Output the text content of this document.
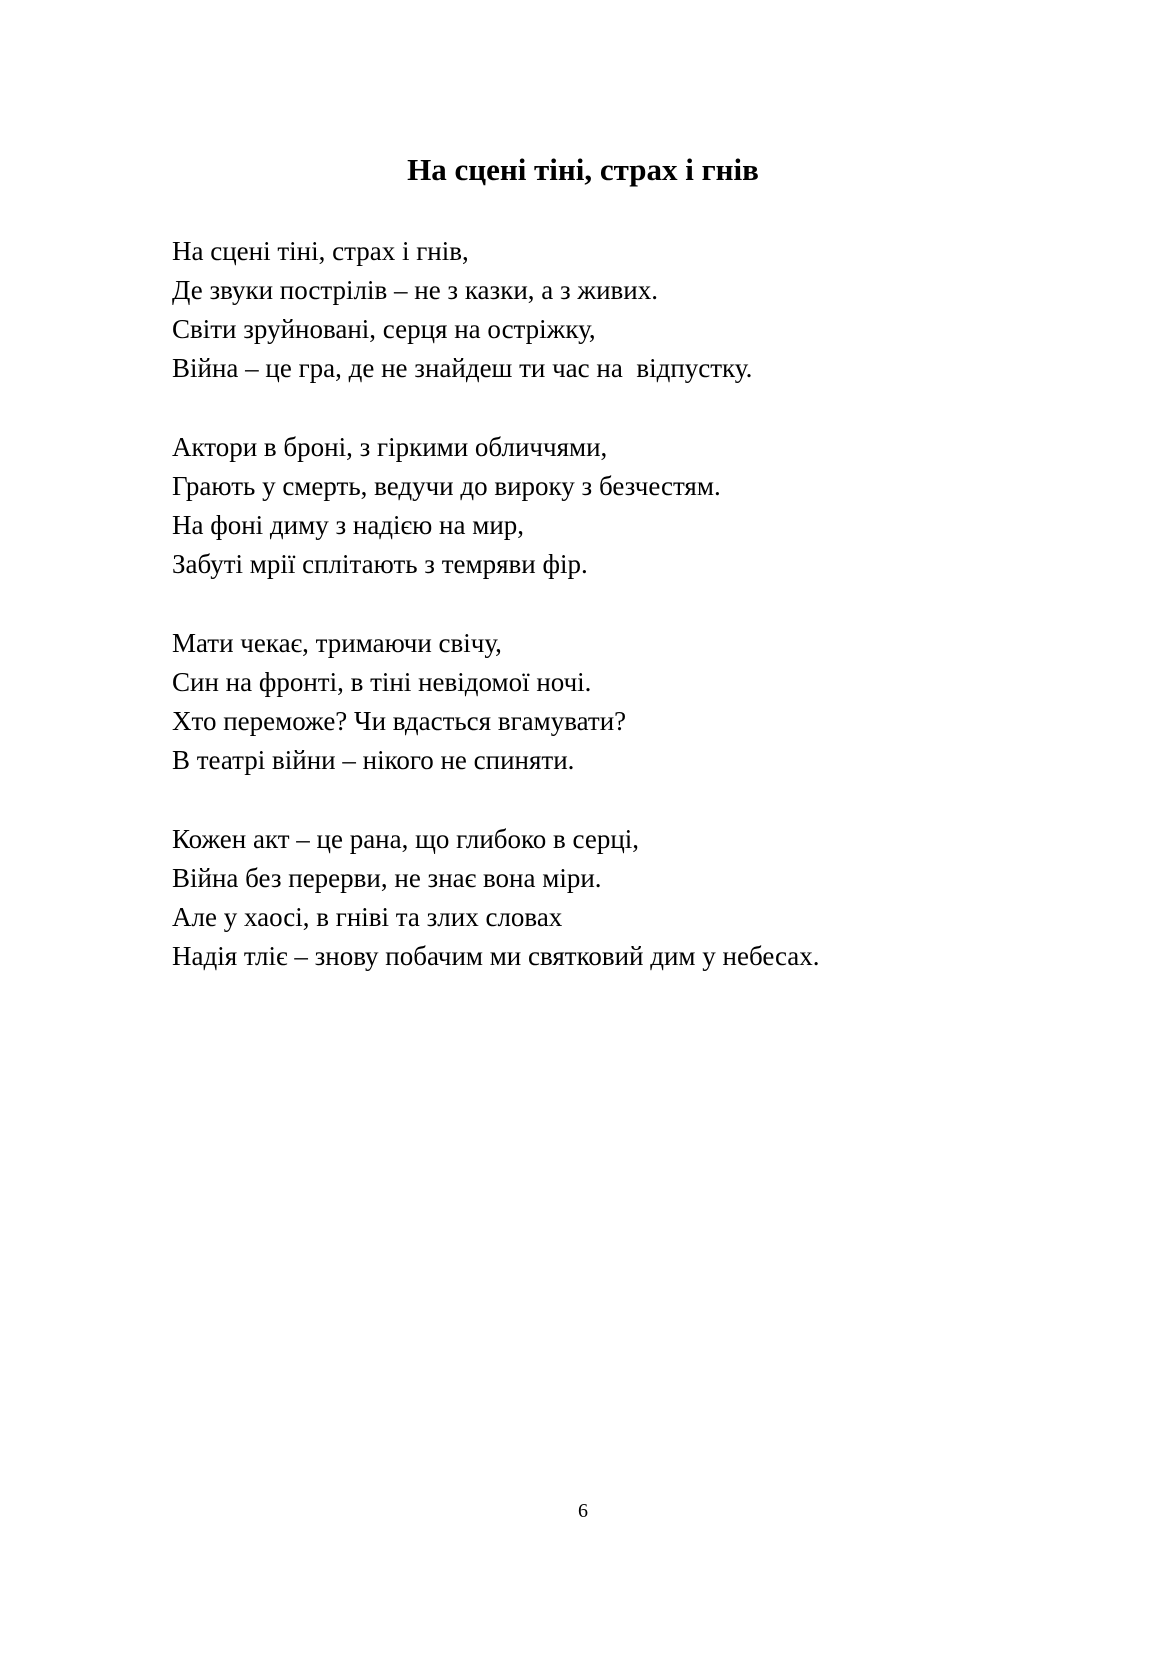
На сцені тіні, страх і гнів
На сцені тіні, страх і гнів,
Де звуки пострілів – не з казки, а з живих.
Світи зруйновані, серця на остріжку,
Війна – це гра, де не знайдеш ти час на  відпустку.
Актори в броні, з гіркими обличчями,
Грають у смерть, ведучи до вироку з безчестям.
На фоні диму з надією на мир,
Забуті мрії сплітають з темряви фір.
Мати чекає, тримаючи свічу,
Син на фронті, в тіні невідомої ночі.
Хто переможе? Чи вдасться вгамувати?
В театрі війни – нікого не спиняти.
Кожен акт – це рана, що глибоко в серці,
Війна без перерви, не знає вона міри.
Але у хаосі, в гніві та злих словах
Надія тліє – знову побачим ми святковий дим у небесах.
6
